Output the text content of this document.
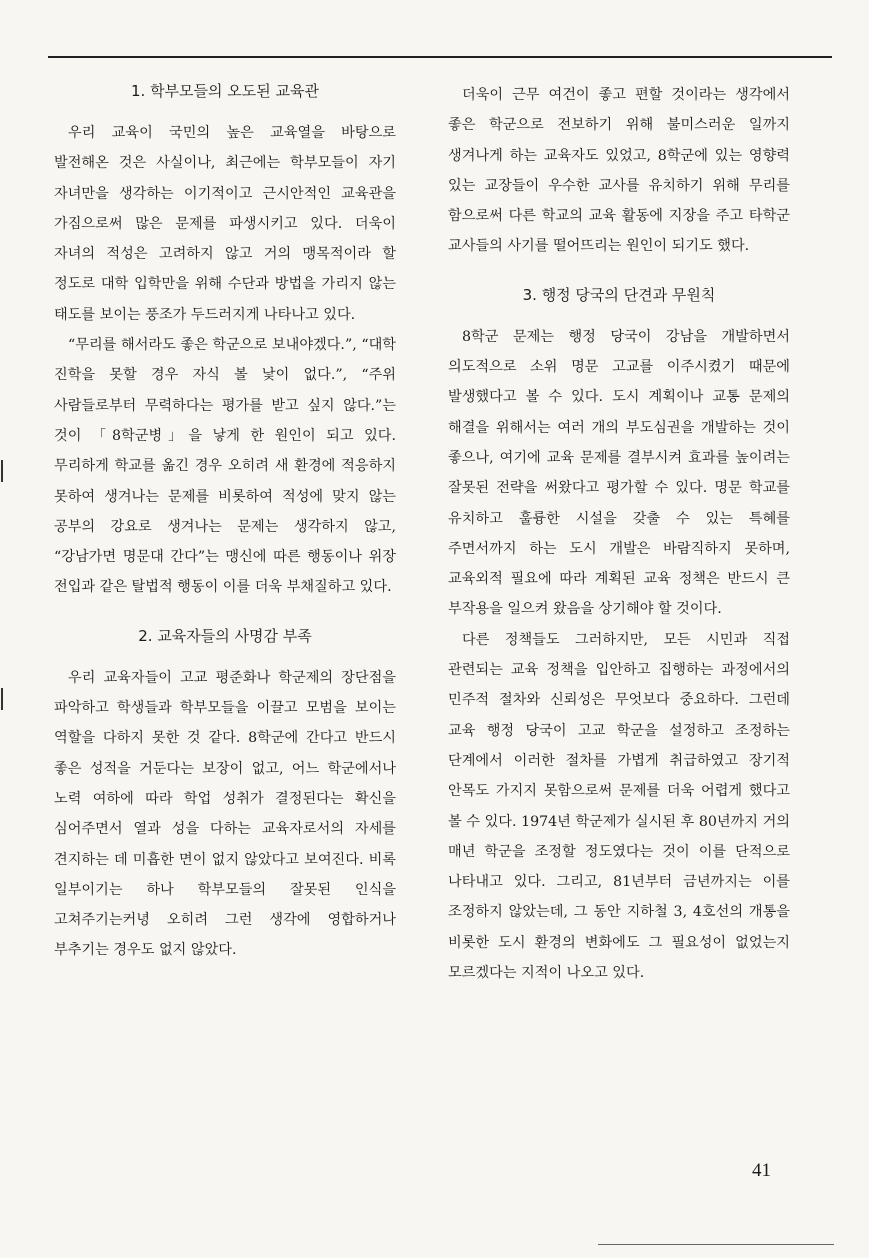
1. 학부모들의 오도된 교육관

우리 교육이 국민의 높은 교육열을 바탕으로 발전해온 것은 사실이나, 최근에는 학부모들이 자기 자녀만을 생각하는 이기적이고 근시안적인 교육관을 가짐으로써 많은 문제를 파생시키고 있다. 더욱이 자녀의 적성은 고려하지 않고 거의 맹목적이라 할 정도로 대학 입학만을 위해 수단과 방법을 가리지 않는 태도를 보이는 풍조가 두드러지게 나타나고 있다.

“무리를 해서라도 좋은 학군으로 보내야겠다.”, “대학 진학을 못할 경우 자식 볼 낯이 없다.”, “주위 사람들로부터 무력하다는 평가를 받고 싶지 않다.”는 것이 「8학군병」을 낳게 한 원인이 되고 있다. 무리하게 학교를 옮긴 경우 오히려 새 환경에 적응하지 못하여 생겨나는 문제를 비롯하여 적성에 맞지 않는 공부의 강요로 생겨나는 문제는 생각하지 않고, “강남가면 명문대 간다”는 맹신에 따른 행동이나 위장 전입과 같은 탈법적 행동이 이를 더욱 부채질하고 있다.

2. 교육자들의 사명감 부족

우리 교육자들이 고교 평준화나 학군제의 장단점을 파악하고 학생들과 학부모들을 이끌고 모범을 보이는 역할을 다하지 못한 것 같다. 8학군에 간다고 반드시 좋은 성적을 거둔다는 보장이 없고, 어느 학군에서나 노력 여하에 따라 학업 성취가 결정된다는 확신을 심어주면서 열과 성을 다하는 교육자로서의 자세를 견지하는 데 미흡한 면이 없지 않았다고 보여진다. 비록 일부이기는 하나 학부모들의 잘못된 인식을 고쳐주기는커녕 오히려 그런 생각에 영합하거나 부추기는 경우도 없지 않았다.

더욱이 근무 여건이 좋고 편할 것이라는 생각에서 좋은 학군으로 전보하기 위해 불미스러운 일까지 생겨나게 하는 교육자도 있었고, 8학군에 있는 영향력 있는 교장들이 우수한 교사를 유치하기 위해 무리를 함으로써 다른 학교의 교육 활동에 지장을 주고 타학군 교사들의 사기를 떨어뜨리는 원인이 되기도 했다.

3. 행정 당국의 단견과 무원칙

8학군 문제는 행정 당국이 강남을 개발하면서 의도적으로 소위 명문 고교를 이주시켰기 때문에 발생했다고 볼 수 있다. 도시 계획이나 교통 문제의 해결을 위해서는 여러 개의 부도심권을 개발하는 것이 좋으나, 여기에 교육 문제를 결부시켜 효과를 높이려는 잘못된 전략을 써왔다고 평가할 수 있다. 명문 학교를 유치하고 훌륭한 시설을 갖출 수 있는 특혜를 주면서까지 하는 도시 개발은 바람직하지 못하며, 교육외적 필요에 따라 계획된 교육 정책은 반드시 큰 부작용을 일으켜 왔음을 상기해야 할 것이다.

다른 정책들도 그러하지만, 모든 시민과 직접 관련되는 교육 정책을 입안하고 집행하는 과정에서의 민주적 절차와 신뢰성은 무엇보다 중요하다. 그런데 교육 행정 당국이 고교 학군을 설정하고 조정하는 단계에서 이러한 절차를 가볍게 취급하였고 장기적 안목도 가지지 못함으로써 문제를 더욱 어렵게 했다고 볼 수 있다. 1974년 학군제가 실시된 후 80년까지 거의 매년 학군을 조정할 정도였다는 것이 이를 단적으로 나타내고 있다. 그리고, 81년부터 금년까지는 이를 조정하지 않았는데, 그 동안 지하철 3, 4호선의 개통을 비롯한 도시 환경의 변화에도 그 필요성이 없었는지 모르겠다는 지적이 나오고 있다.

41
